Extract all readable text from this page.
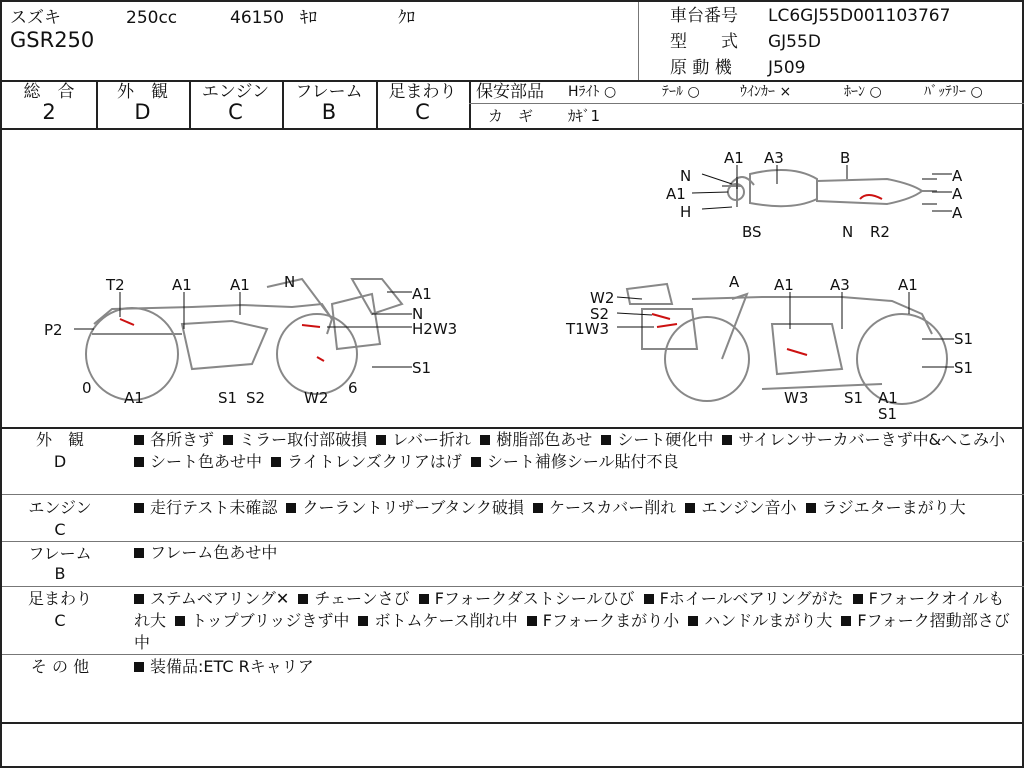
スズキ	250cc	46150 ｷﾛ	ｸﾛ
GSR250
車台番号 LC6GJ55D001103767
型　　式 GJ55D
原 動 機 J509
総　合
2
外　観
D
エンジン
C
フレーム
B
足まわり
C
保安部品 Hﾗｲﾄ ○	ﾃｰﾙ ○	ｳｲﾝｶｰ ×	ﾎｰﾝ ○	ﾊﾞｯﾃﾘｰ ○
カ　ギ ｶｷﾞ1
A1 A3	B
N
A1
H
A
A
A
BS	N R2
T2	A1	A1 N
A1
N
H2W3
P2
S1
0
A1	S1 S2	W2
6
A A1 A3	A1
W2
S2
T1W3
S1
S1
W3 S1 A1
S1
外　観
D
各所きず ミラー取付部破損 レバー折れ 樹脂部色あせ シート硬化中 サイレンサーカバーきず中&へこみ小 シート色あせ中 ライトレンズクリアはげ シート補修シール貼付不良
エンジン
C
走行テスト未確認 クーラントリザーブタンク破損 ケースカバー削れ エンジン音小 ラジエターまがり大
フレーム
B
フレーム色あせ中
足まわり
C
ステムベアリング✕ チェーンさび Fフォークダストシールひび Fホイールベアリングがた Fフォークオイルもれ大 トップブリッジきず中 ボトムケース削れ中 Fフォークまがり小 ハンドルまがり大 Fフォーク摺動部さび中
そ の 他	装備品:ETC Rキャリア
